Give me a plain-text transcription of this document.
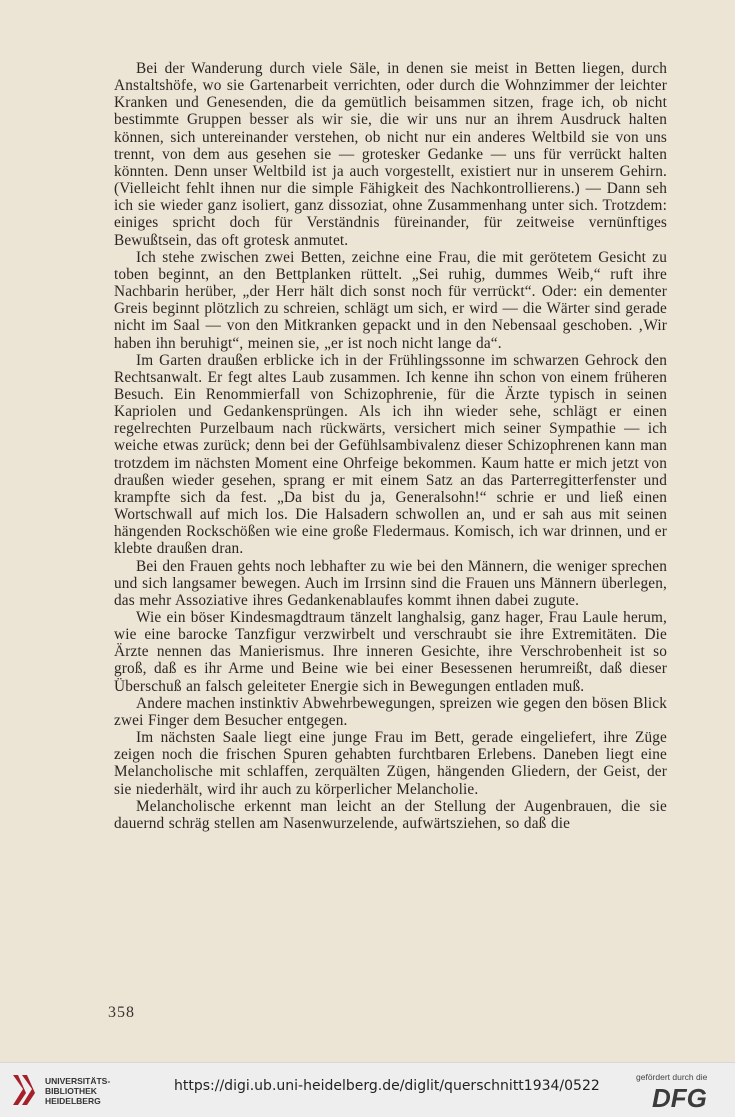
Bei der Wanderung durch viele Säle, in denen sie meist in Betten liegen, durch Anstaltshöfe, wo sie Gartenarbeit verrichten, oder durch die Wohnzimmer der leichter Kranken und Genesenden, die da gemütlich beisammen sitzen, frage ich, ob nicht bestimmte Gruppen besser als wir sie, die wir uns nur an ihrem Ausdruck halten können, sich untereinander verstehen, ob nicht nur ein anderes Weltbild sie von uns trennt, von dem aus gesehen sie — grotesker Gedanke — uns für verrückt halten könnten. Denn unser Weltbild ist ja auch vorgestellt, existiert nur in unserem Gehirn. (Vielleicht fehlt ihnen nur die simple Fähigkeit des Nachkontrollierens.) — Dann seh ich sie wieder ganz isoliert, ganz dissoziat, ohne Zusammenhang unter sich. Trotzdem: einiges spricht doch für Verständnis füreinander, für zeitweise vernünftiges Bewußtsein, das oft grotesk anmutet.

Ich stehe zwischen zwei Betten, zeichne eine Frau, die mit gerötetem Gesicht zu toben beginnt, an den Bettplanken rüttelt. „Sei ruhig, dummes Weib,“ ruft ihre Nachbarin herüber, „der Herr hält dich sonst noch für verrückt“. Oder: ein dementer Greis beginnt plötzlich zu schreien, schlägt um sich, er wird — die Wärter sind gerade nicht im Saal — von den Mitkranken gepackt und in den Nebensaal geschoben. ‚Wir haben ihn beruhigt“, meinen sie, „er ist noch nicht lange da“.

Im Garten draußen erblicke ich in der Frühlingssonne im schwarzen Gehrock den Rechtsanwalt. Er fegt altes Laub zusammen. Ich kenne ihn schon von einem früheren Besuch. Ein Renommierfall von Schizophrenie, für die Ärzte typisch in seinen Kapriolen und Gedankensprüngen. Als ich ihn wieder sehe, schlägt er einen regelrechten Purzelbaum nach rückwärts, versichert mich seiner Sympathie — ich weiche etwas zurück; denn bei der Gefühlsambivalenz dieser Schizophrenen kann man trotzdem im nächsten Moment eine Ohrfeige bekommen. Kaum hatte er mich jetzt von draußen wieder gesehen, sprang er mit einem Satz an das Parterregitterfenster und krampfte sich da fest. „Da bist du ja, Generalsohn!“ schrie er und ließ einen Wortschwall auf mich los. Die Halsadern schwollen an, und er sah aus mit seinen hängenden Rockschößen wie eine große Fledermaus. Komisch, ich war drinnen, und er klebte draußen dran.

Bei den Frauen gehts noch lebhafter zu wie bei den Männern, die weniger sprechen und sich langsamer bewegen. Auch im Irrsinn sind die Frauen uns Männern überlegen, das mehr Assoziative ihres Gedankenablaufes kommt ihnen dabei zugute.

Wie ein böser Kindesmagdtraum tänzelt langhalsig, ganz hager, Frau Laule herum, wie eine barocke Tanzfigur verzwirbelt und verschraubt sie ihre Extremitäten. Die Ärzte nennen das Manierismus. Ihre inneren Gesichte, ihre Verschrobenheit ist so groß, daß es ihr Arme und Beine wie bei einer Besessenen herumreißt, daß dieser Überschuß an falsch geleiteter Energie sich in Bewegungen entladen muß.

Andere machen instinktiv Abwehrbewegungen, spreizen wie gegen den bösen Blick zwei Finger dem Besucher entgegen.

Im nächsten Saale liegt eine junge Frau im Bett, gerade eingeliefert, ihre Züge zeigen noch die frischen Spuren gehabten furchtbaren Erlebens. Daneben liegt eine Melancholische mit schlaffen, zerquälten Zügen, hängenden Gliedern, der Geist, der sie niederhält, wird ihr auch zu körperlicher Melancholie.

Melancholische erkennt man leicht an der Stellung der Augenbrauen, die sie dauernd schräg stellen am Nasenwurzelende, aufwärtsziehen, so daß die

358
UNIVERSITÄTS-
BIBLIOTHEK
HEIDELBERG
https://digi.ub.uni-heidelberg.de/diglit/querschnitt1934/0522
gefördert durch die
DFG
